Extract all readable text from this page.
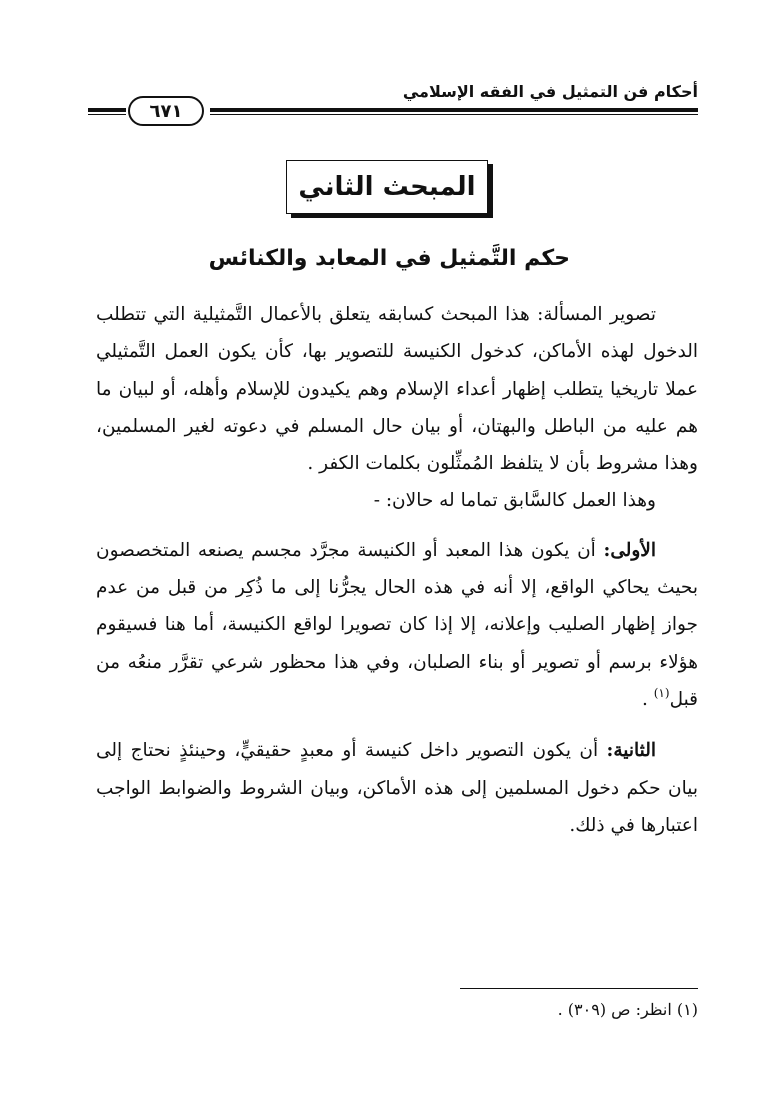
أحكام فن التمثيل في الفقه الإسلامي
٦٧١
المبحث الثاني
حكم التَّمثيل في المعابد والكنائس

تصوير المسألة: هذا المبحث كسابقه يتعلق بالأعمال التَّمثيلية التي تتطلب الدخول لهذه الأماكن، كدخول الكنيسة للتصوير بها، كأن يكون العمل التَّمثيلي عملا تاريخيا يتطلب إظهار أعداء الإسلام وهم يكيدون للإسلام وأهله، أو لبيان ما هم عليه من الباطل والبهتان، أو بيان حال المسلم في دعوته لغير المسلمين، وهذا مشروط بأن لا يتلفظ المُمثِّلون بكلمات الكفر .

وهذا العمل كالسَّابق تماما له حالان: -

الأولى: أن يكون هذا المعبد أو الكنيسة مجرَّد مجسم يصنعه المتخصصون بحيث يحاكي الواقع، إلا أنه في هذه الحال يجرُّنا إلى ما ذُكِر من قبل من عدم جواز إظهار الصليب وإعلانه، إلا إذا كان تصويرا لواقع الكنيسة، أما هنا فسيقوم هؤلاء برسم أو تصوير أو بناء الصلبان، وفي هذا محظور شرعي تقرَّر منعُه من قبل$^{(١)}$ .

الثانية: أن يكون التصوير داخل كنيسة أو معبدٍ حقيقيٍّ، وحينئذٍ نحتاج إلى بيان حكم دخول المسلمين إلى هذه الأماكن، وبيان الشروط والضوابط الواجب اعتبارها في ذلك.

(١) انظر: ص (٣٠٩) .
